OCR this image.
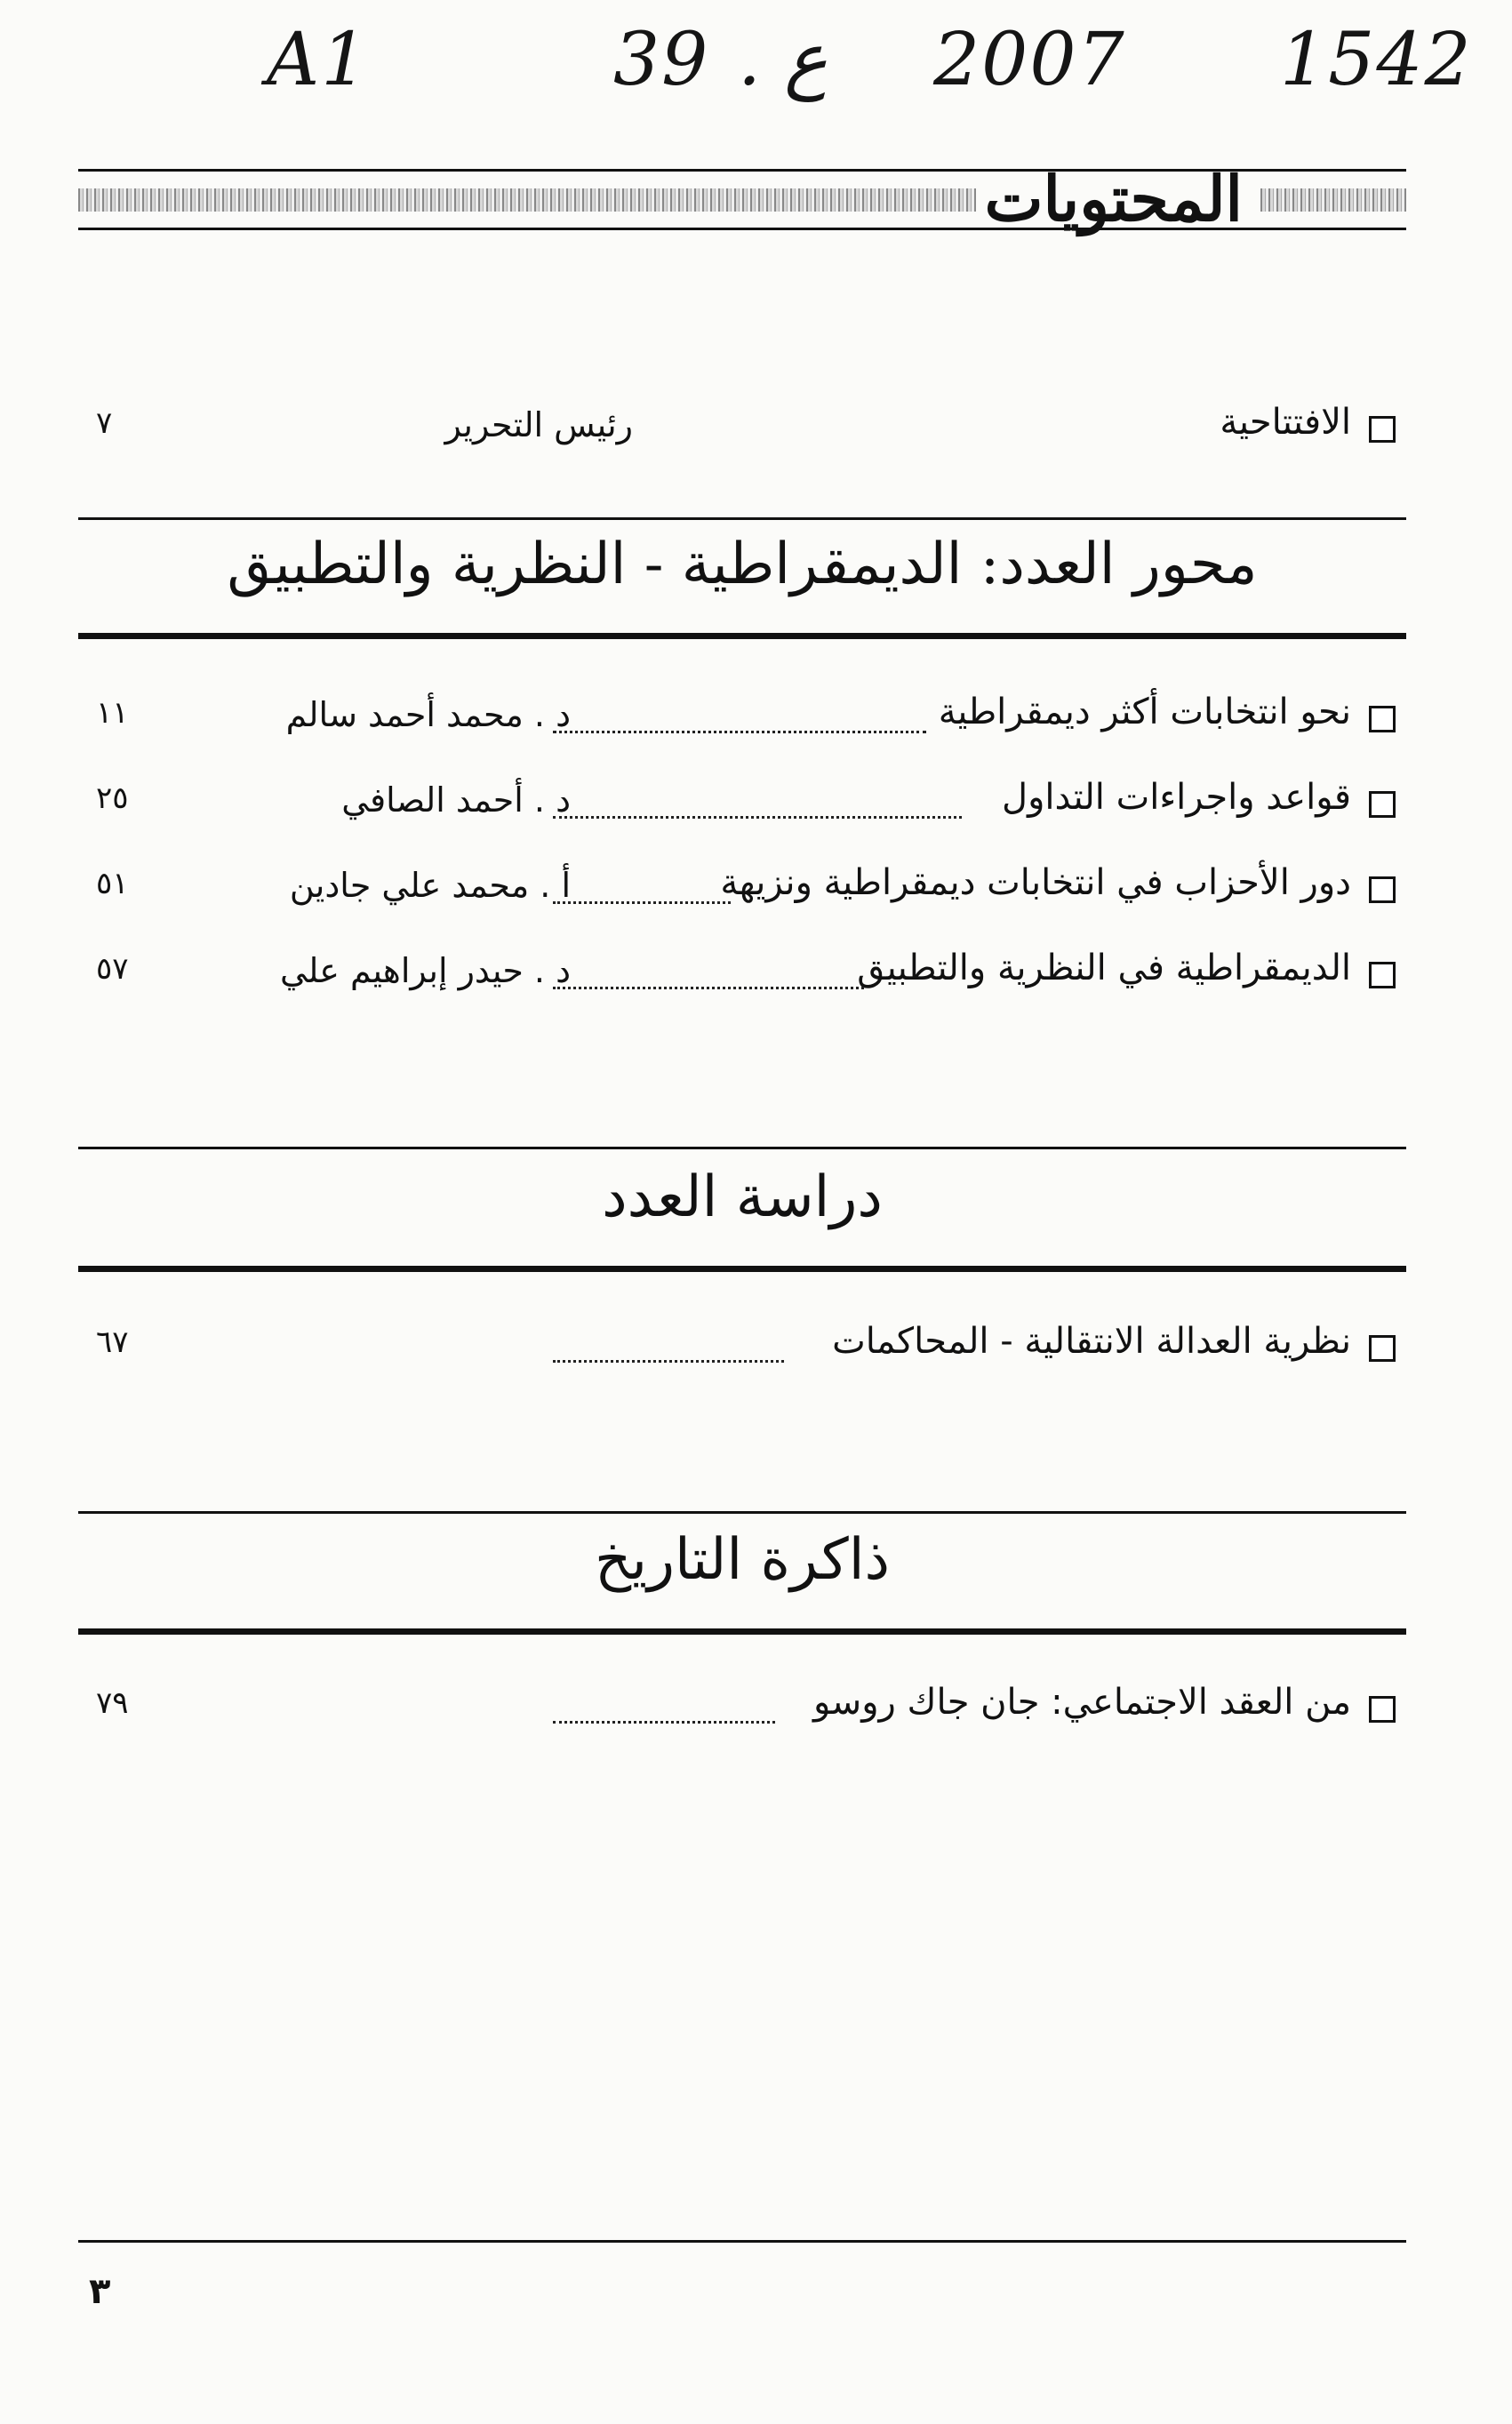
A1	39 ع . 2007 1542
المحتويات
الافتتاحية
رئيس التحرير
٧
محور العدد: الديمقراطية - النظرية والتطبيق
نحو انتخابات أكثر ديمقراطية
د . محمد أحمد سالم
١١
قواعد واجراءات التداول
د . أحمد الصافي
٢٥
دور الأحزاب في انتخابات ديمقراطية ونزيهة
أ . محمد علي جادين
٥١
الديمقراطية في النظرية والتطبيق
د . حيدر إبراهيم علي
٥٧
دراسة العدد
نظرية العدالة الانتقالية - المحاكمات
٦٧
ذاكرة التاريخ
من العقد الاجتماعي: جان جاك روسو
٧٩
٣
